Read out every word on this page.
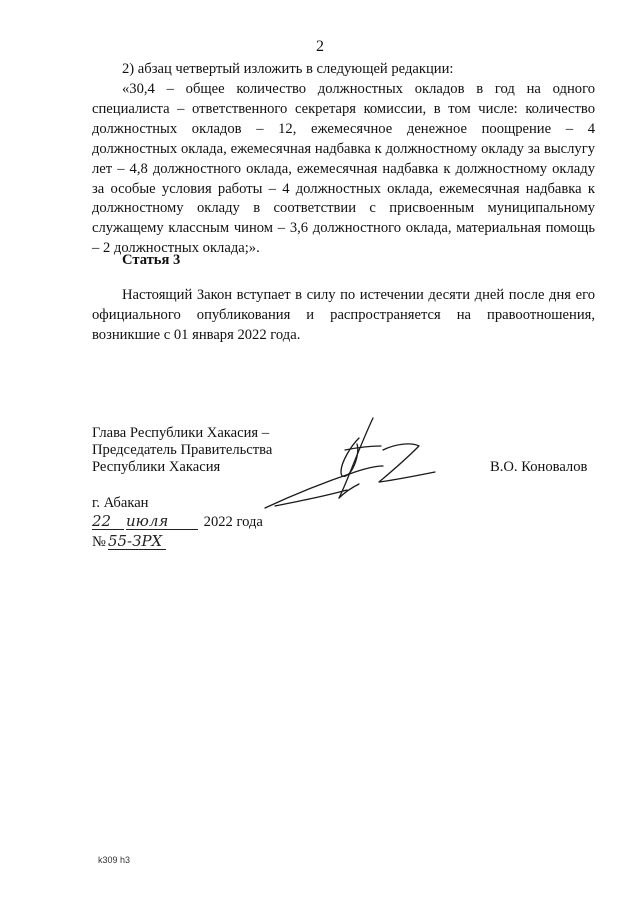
2
2) абзац четвертый изложить в следующей редакции:
«30,4 – общее количество должностных окладов в год на одного специалиста – ответственного секретаря комиссии, в том числе: количество должностных окладов – 12, ежемесячное денежное поощрение – 4 должностных оклада, ежемесячная надбавка к должностному окладу за выслугу лет – 4,8 должностного оклада, ежемесячная надбавка к должностному окладу за особые условия работы – 4 должностных оклада, ежемесячная надбавка к должностному окладу в соответствии с присвоенным муниципальному служащему классным чином – 3,6 должностного оклада, материальная помощь – 2 должностных оклада;».
Статья 3
Настоящий Закон вступает в силу по истечении десяти дней после дня его официального опубликования и распространяется на правоотношения, возникшие с 01 января 2022 года.
Глава Республики Хакасия –
Председатель Правительства
Республики Хакасия	В.О. Коновалов
г. Абакан
22 июля 2022 года
№ 55-ЗРХ
k309 h3
